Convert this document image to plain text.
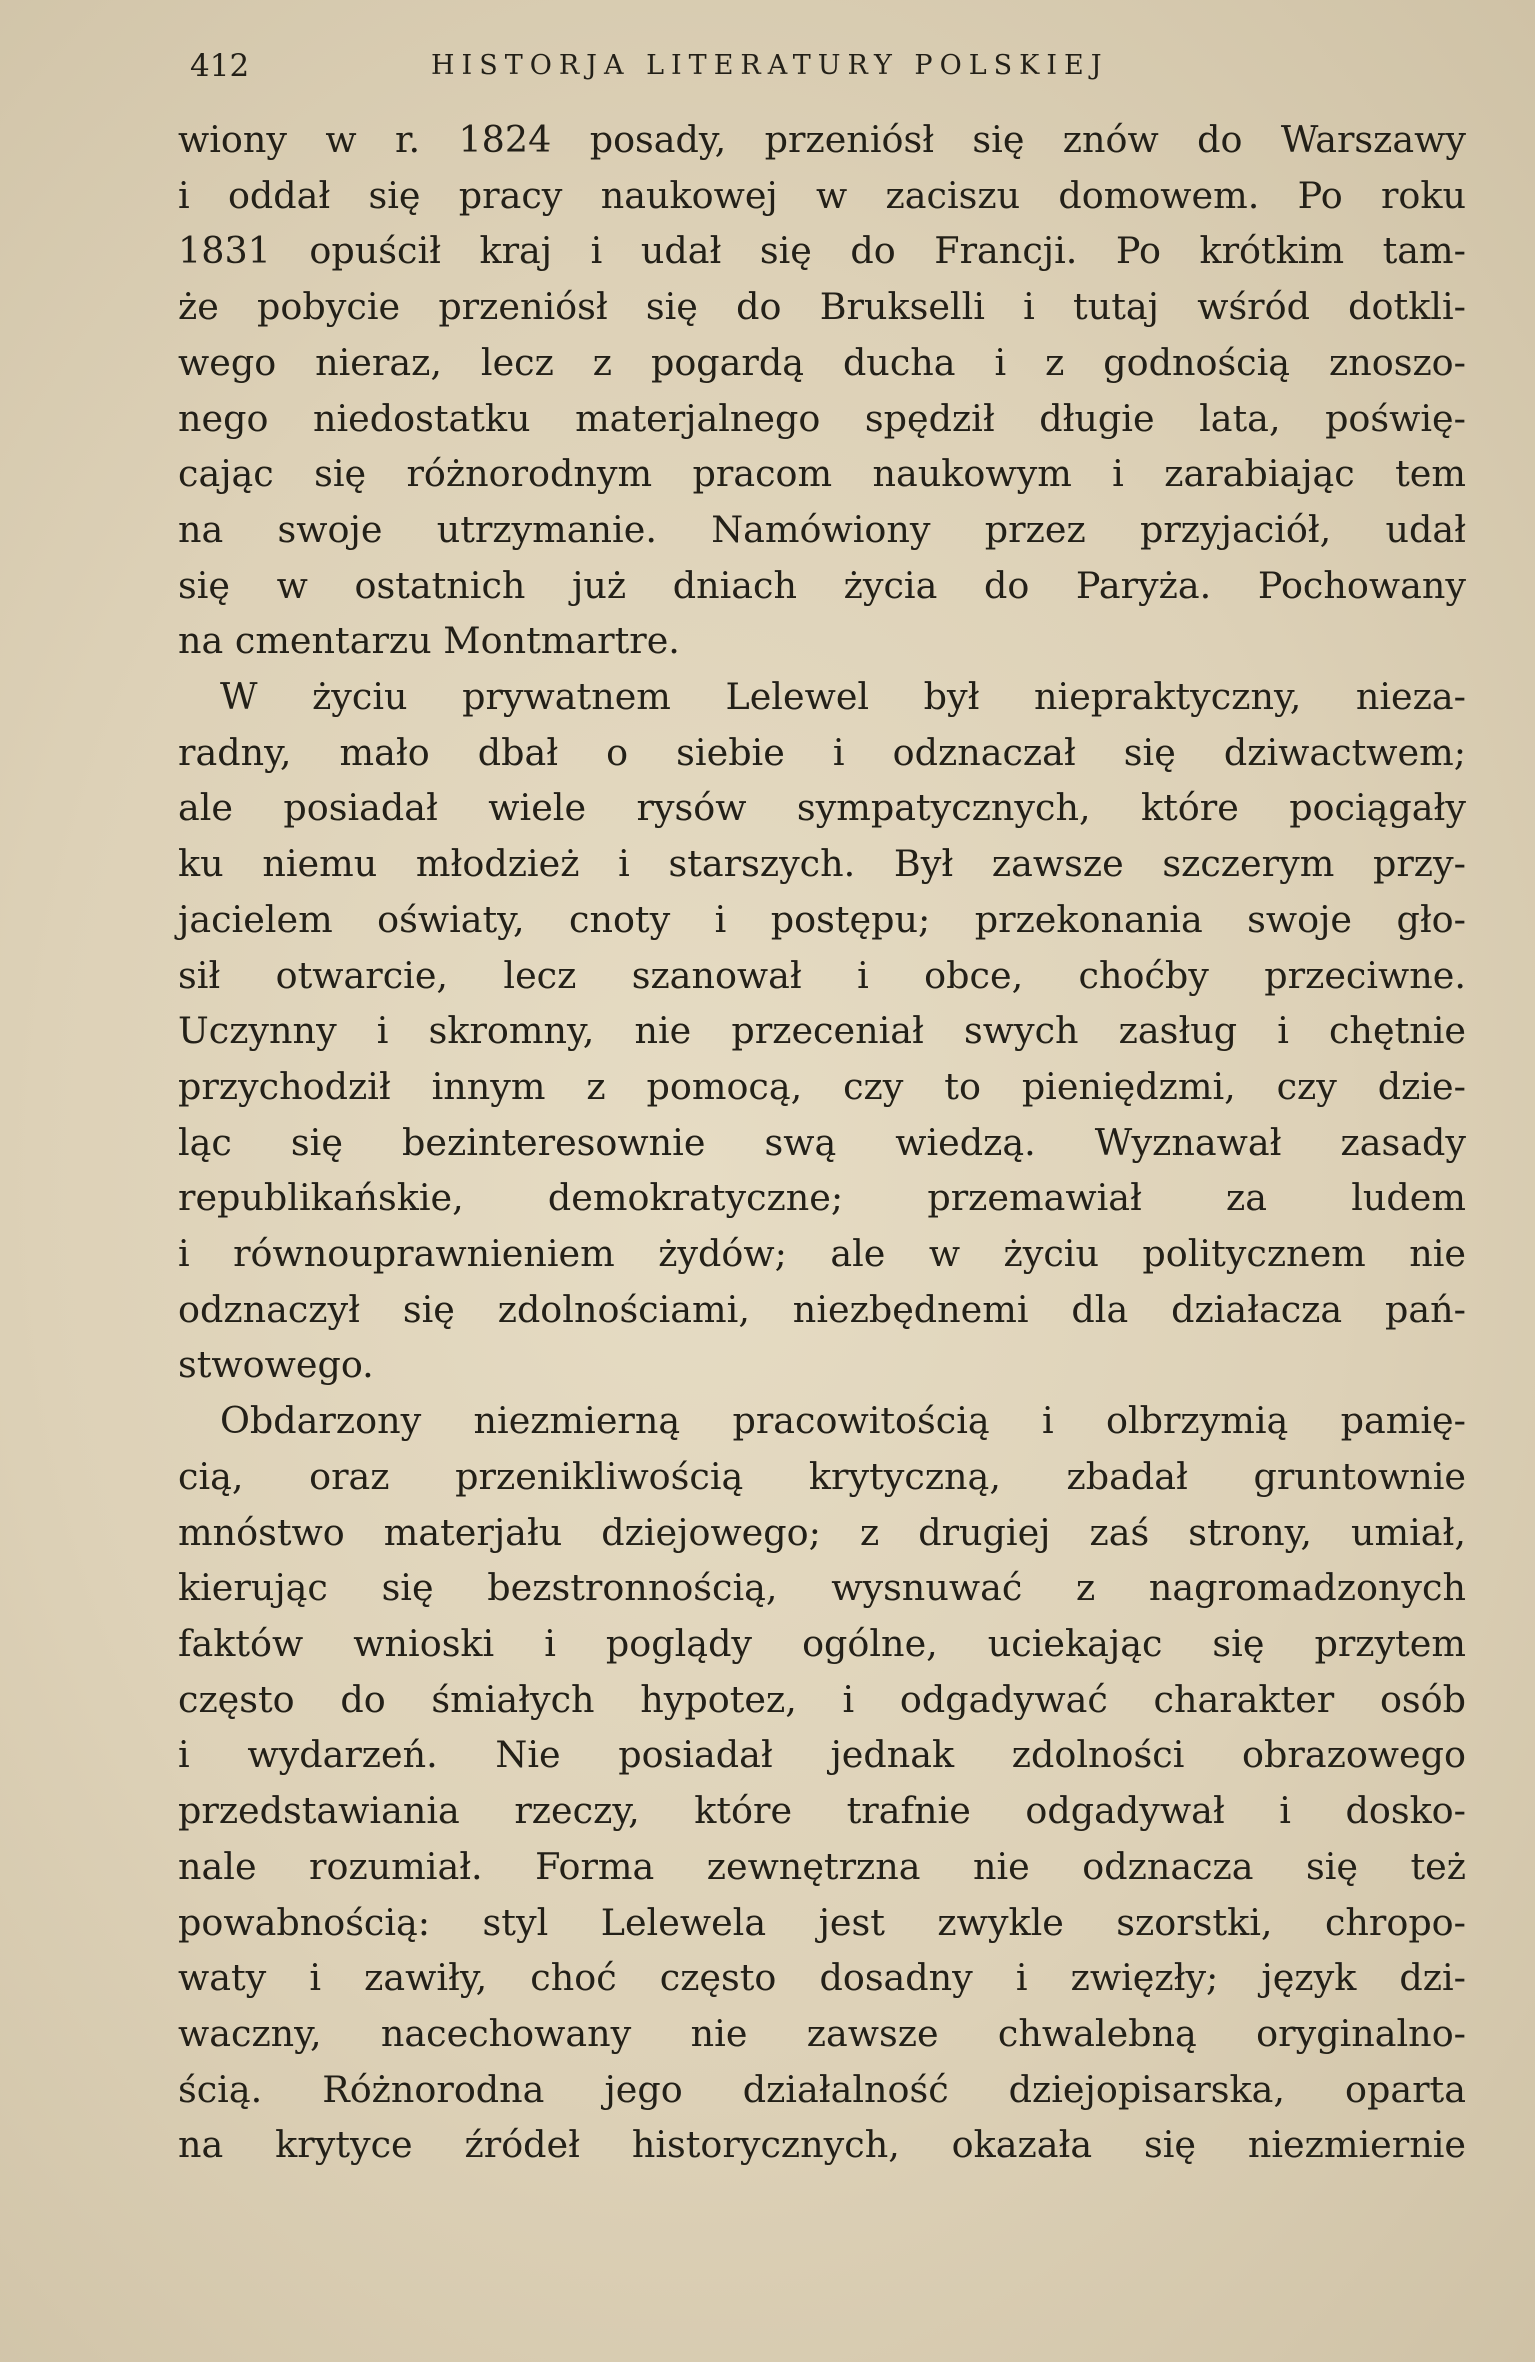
412	HISTORJA LITERATURY POLSKIEJ
wiony w r. 1824 posady, przeniósł się znów do Warszawy
i oddał się pracy naukowej w zaciszu domowem. Po roku
1831 opuścił kraj i udał się do Francji. Po krótkim tam-
że pobycie przeniósł się do Brukselli i tutaj wśród dotkli-
wego nieraz, lecz z pogardą ducha i z godnością znoszo-
nego niedostatku materjalnego spędził długie lata, poświę-
cając się różnorodnym pracom naukowym i zarabiając tem
na swoje utrzymanie. Namówiony przez przyjaciół, udał
się w ostatnich już dniach życia do Paryża. Pochowany
na cmentarzu Montmartre.
W życiu prywatnem Lelewel był niepraktyczny, nieza-
radny, mało dbał o siebie i odznaczał się dziwactwem;
ale posiadał wiele rysów sympatycznych, które pociągały
ku niemu młodzież i starszych. Był zawsze szczerym przy-
jacielem oświaty, cnoty i postępu; przekonania swoje gło-
sił otwarcie, lecz szanował i obce, choćby przeciwne.
Uczynny i skromny, nie przeceniał swych zasług i chętnie
przychodził innym z pomocą, czy to pieniędzmi, czy dzie-
ląc się bezinteresownie swą wiedzą. Wyznawał zasady
republikańskie, demokratyczne; przemawiał za ludem
i równouprawnieniem żydów; ale w życiu politycznem nie
odznaczył się zdolnościami, niezbędnemi dla działacza pań-
stwowego.
Obdarzony niezmierną pracowitością i olbrzymią pamię-
cią, oraz przenikliwością krytyczną, zbadał gruntownie
mnóstwo materjału dziejowego; z drugiej zaś strony, umiał,
kierując się bezstronnością, wysnuwać z nagromadzonych
faktów wnioski i poglądy ogólne, uciekając się przytem
często do śmiałych hypotez, i odgadywać charakter osób
i wydarzeń. Nie posiadał jednak zdolności obrazowego
przedstawiania rzeczy, które trafnie odgadywał i dosko-
nale rozumiał. Forma zewnętrzna nie odznacza się też
powabnością: styl Lelewela jest zwykle szorstki, chropo-
waty i zawiły, choć często dosadny i zwięzły; język dzi-
waczny, nacechowany nie zawsze chwalebną oryginalno-
ścią. Różnorodna jego działalność dziejopisarska, oparta
na krytyce źródeł historycznych, okazała się niezmiernie
